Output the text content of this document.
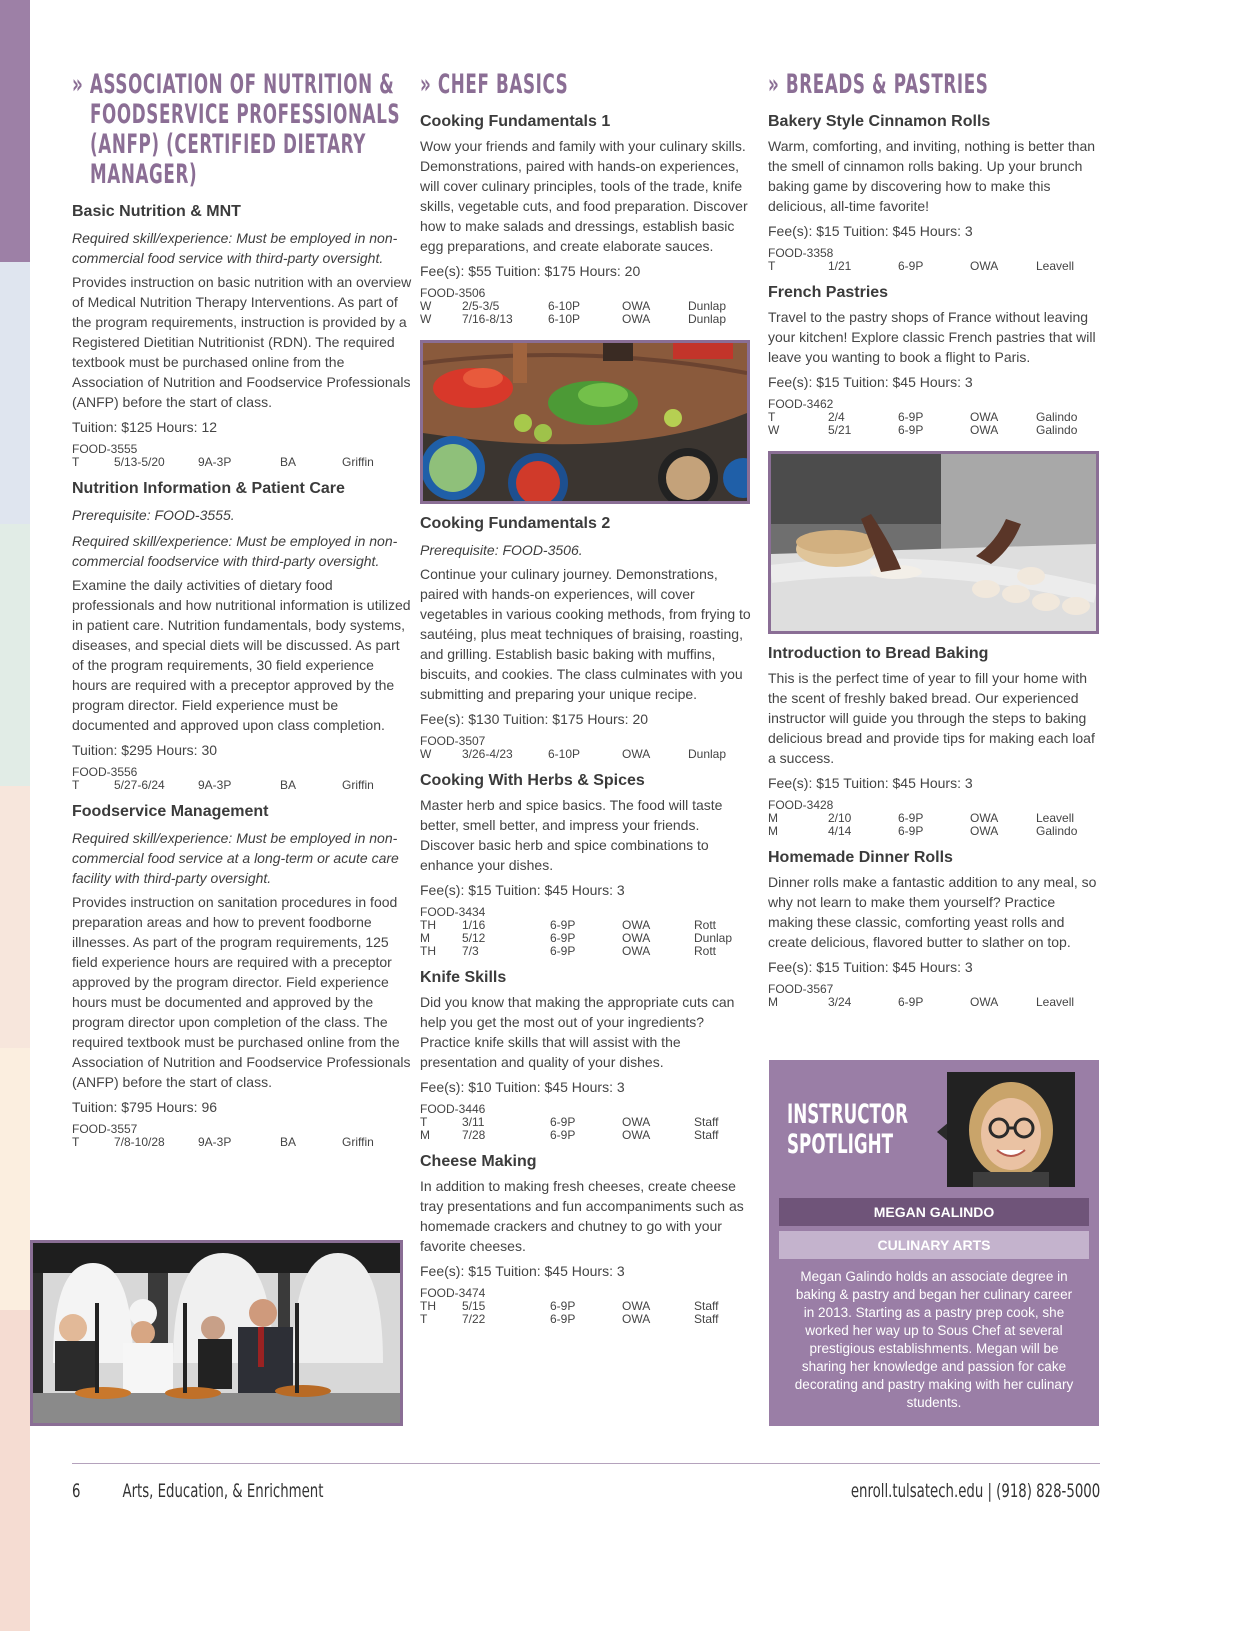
» ASSOCIATION OF NUTRITION &
FOODSERVICE PROFESSIONALS
(ANFP) (CERTIFIED DIETARY
MANAGER)
Basic Nutrition & MNT
Required skill/experience: Must be employed in non-commercial food service with third-party oversight.
Provides instruction on basic nutrition with an overview of Medical Nutrition Therapy Interventions. As part of the program requirements, instruction is provided by a Registered Dietitian Nutritionist (RDN). The required textbook must be purchased online from the Association of Nutrition and Foodservice Professionals (ANFP) before the start of class.
Tuition: $125 Hours: 12
FOOD-3555
T	5/13-5/20	9A-3P	BA	Griffin
Nutrition Information & Patient Care
Prerequisite: FOOD-3555.
Required skill/experience: Must be employed in non-commercial foodservice with third-party oversight.
Examine the daily activities of dietary food professionals and how nutritional information is utilized in patient care. Nutrition fundamentals, body systems, diseases, and special diets will be discussed. As part of the program requirements, 30 field experience hours are required with a preceptor approved by the program director. Field experience must be documented and approved upon class completion.
Tuition: $295 Hours: 30
FOOD-3556
T	5/27-6/24	9A-3P	BA	Griffin
Foodservice Management
Required skill/experience: Must be employed in non-commercial food service at a long-term or acute care facility with third-party oversight.
Provides instruction on sanitation procedures in food preparation areas and how to prevent foodborne illnesses. As part of the program requirements, 125 field experience hours are required with a preceptor approved by the program director. Field experience hours must be documented and approved by the program director upon completion of the class. The required textbook must be purchased online from the Association of Nutrition and Foodservice Professionals (ANFP) before the start of class.
Tuition: $795 Hours: 96
FOOD-3557
T	7/8-10/28	9A-3P	BA	Griffin
» CHEF BASICS
Cooking Fundamentals 1
Wow your friends and family with your culinary skills. Demonstrations, paired with hands-on experiences, will cover culinary principles, tools of the trade, knife skills, vegetable cuts, and food preparation. Discover how to make salads and dressings, establish basic egg preparations, and create elaborate sauces.
Fee(s): $55 Tuition: $175 Hours: 20
FOOD-3506
W	2/5-3/5	6-10P	OWA	Dunlap
W	7/16-8/13	6-10P	OWA	Dunlap
Cooking Fundamentals 2
Prerequisite: FOOD-3506.
Continue your culinary journey. Demonstrations, paired with hands-on experiences, will cover vegetables in various cooking methods, from frying to sautéing, plus meat techniques of braising, roasting, and grilling. Establish basic baking with muffins, biscuits, and cookies. The class culminates with you submitting and preparing your unique recipe.
Fee(s): $130 Tuition: $175 Hours: 20
FOOD-3507
W	3/26-4/23	6-10P	OWA	Dunlap
Cooking With Herbs & Spices
Master herb and spice basics. The food will taste better, smell better, and impress your friends. Discover basic herb and spice combinations to enhance your dishes.
Fee(s): $15 Tuition: $45 Hours: 3
FOOD-3434
TH	1/16	6-9P	OWA	Rott
M	5/12	6-9P	OWA	Dunlap
TH	7/3	6-9P	OWA	Rott
Knife Skills
Did you know that making the appropriate cuts can help you get the most out of your ingredients? Practice knife skills that will assist with the presentation and quality of your dishes.
Fee(s): $10 Tuition: $45 Hours: 3
FOOD-3446
T	3/11	6-9P	OWA	Staff
M	7/28	6-9P	OWA	Staff
Cheese Making
In addition to making fresh cheeses, create cheese tray presentations and fun accompaniments such as homemade crackers and chutney to go with your favorite cheeses.
Fee(s): $15 Tuition: $45 Hours: 3
FOOD-3474
TH	5/15	6-9P	OWA	Staff
T	7/22	6-9P	OWA	Staff
» BREADS & PASTRIES
Bakery Style Cinnamon Rolls
Warm, comforting, and inviting, nothing is better than the smell of cinnamon rolls baking. Up your brunch baking game by discovering how to make this delicious, all-time favorite!
Fee(s): $15 Tuition: $45 Hours: 3
FOOD-3358
T	1/21	6-9P	OWA	Leavell
French Pastries
Travel to the pastry shops of France without leaving your kitchen! Explore classic French pastries that will leave you wanting to book a flight to Paris.
Fee(s): $15 Tuition: $45 Hours: 3
FOOD-3462
T	2/4	6-9P	OWA	Galindo
W	5/21	6-9P	OWA	Galindo
Introduction to Bread Baking
This is the perfect time of year to fill your home with the scent of freshly baked bread. Our experienced instructor will guide you through the steps to baking delicious bread and provide tips for making each loaf a success.
Fee(s): $15 Tuition: $45 Hours: 3
FOOD-3428
M	2/10	6-9P	OWA	Leavell
M	4/14	6-9P	OWA	Galindo
Homemade Dinner Rolls
Dinner rolls make a fantastic addition to any meal, so why not learn to make them yourself? Practice making these classic, comforting yeast rolls and create delicious, flavored butter to slather on top.
Fee(s): $15 Tuition: $45 Hours: 3
FOOD-3567
M	3/24	6-9P	OWA	Leavell
INSTRUCTOR
SPOTLIGHT
MEGAN GALINDO
CULINARY ARTS
Megan Galindo holds an associate degree in baking & pastry and began her culinary career in 2013. Starting as a pastry prep cook, she worked her way up to Sous Chef at several prestigious establishments. Megan will be sharing her knowledge and passion for cake decorating and pastry making with her culinary students.
6 Arts, Education, & Enrichment	enroll.tulsatech.edu | (918) 828-5000
